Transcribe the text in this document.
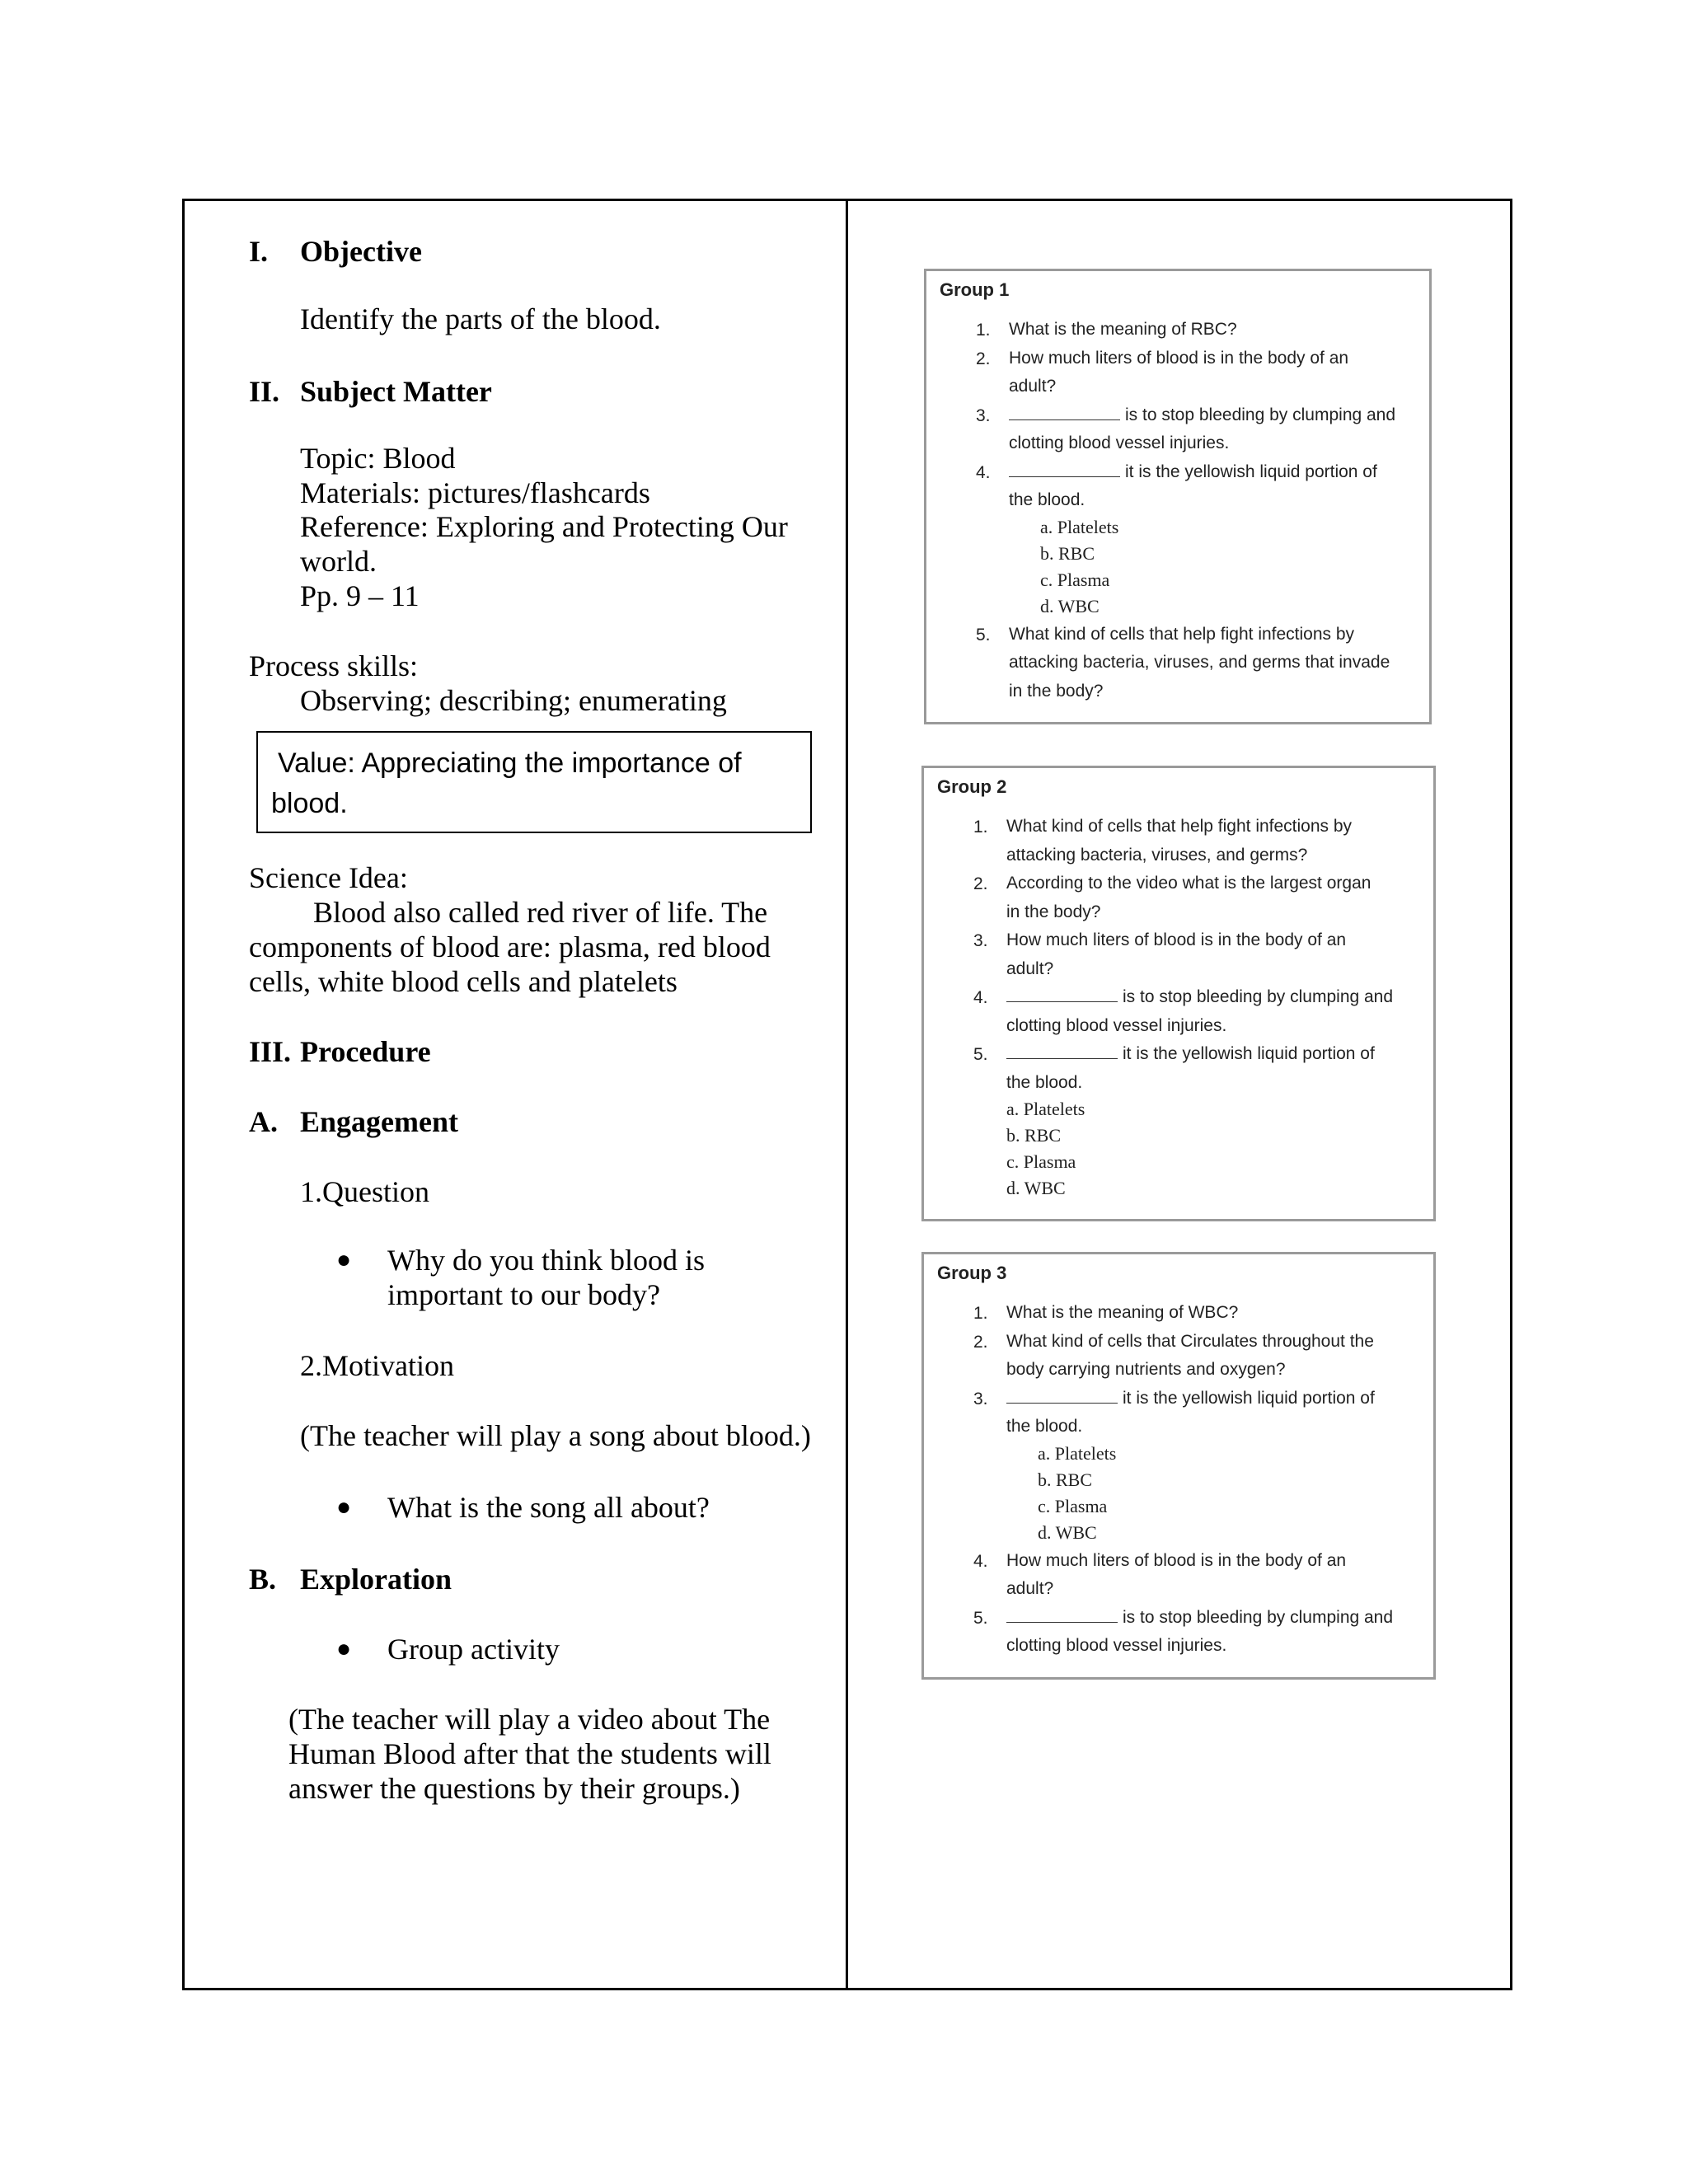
I. Objective
Identify the parts of the blood.
II. Subject Matter
Topic: Blood
Materials: pictures/flashcards
Reference: Exploring and Protecting Our
world.
Pp. 9 – 11
Process skills:
Observing; describing; enumerating
Value: Appreciating the importance of
blood.
Science Idea:
Blood also called red river of life. The
components of blood are: plasma, red blood
cells, white blood cells and platelets
III. Procedure
A. Engagement
1.Question
● Why do you think blood is
important to our body?
2.Motivation
(The teacher will play a song about blood.)
● What is the song all about?
B. Exploration
● Group activity
(The teacher will play a video about The
Human Blood after that the students will
answer the questions by their groups.)
Group 1
1. What is the meaning of RBC?
2. How much liters of blood is in the body of an
adult?
3.	is to stop bleeding by clumping and
clotting blood vessel injuries.
4.	it is the yellowish liquid portion of
the blood.
a. Platelets
b. RBC
c. Plasma
d. WBC
5. What kind of cells that help fight infections by
attacking bacteria, viruses, and germs that invade
in the body?
Group 2
1. What kind of cells that help fight infections by
attacking bacteria, viruses, and germs?
2. According to the video what is the largest organ
in the body?
3. How much liters of blood is in the body of an
adult?
4.	is to stop bleeding by clumping and
clotting blood vessel injuries.
5.	it is the yellowish liquid portion of
the blood.
a. Platelets
b. RBC
c. Plasma
d. WBC
Group 3
1. What is the meaning of WBC?
2. What kind of cells that Circulates throughout the
body carrying nutrients and oxygen?
3.	it is the yellowish liquid portion of
the blood.
a. Platelets
b. RBC
c. Plasma
d. WBC
4. How much liters of blood is in the body of an
adult?
5.	is to stop bleeding by clumping and
clotting blood vessel injuries.
